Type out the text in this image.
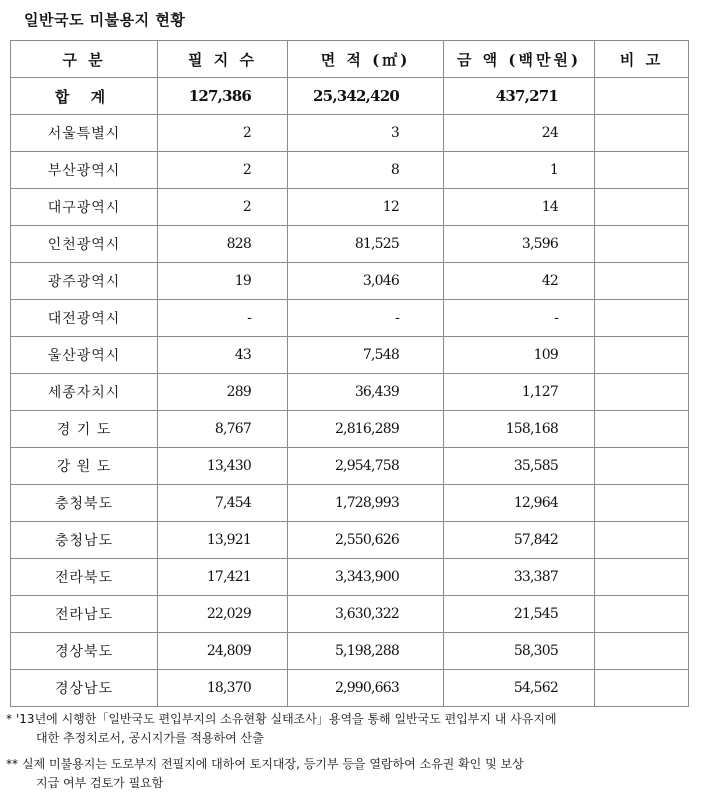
일반국도 미불용지 현황
구 분	필 지 수	면 적 (㎡)	금 액 (백만원)	비 고
합 계	127,386	25,342,420	437,271	
서울특별시	2	3	24	
부산광역시	2	8	1	
대구광역시	2	12	14	
인천광역시	828	81,525	3,596	
광주광역시	19	3,046	42	
대전광역시	-	-	-	
울산광역시	43	7,548	109	
세종자치시	289	36,439	1,127	
경 기 도	8,767	2,816,289	158,168	
강 원 도	13,430	2,954,758	35,585	
충청북도	7,454	1,728,993	12,964	
충청남도	13,921	2,550,626	57,842	
전라북도	17,421	3,343,900	33,387	
전라남도	22,029	3,630,322	21,545	
경상북도	24,809	5,198,288	58,305	
경상남도	18,370	2,990,663	54,562	
* '13년에 시행한「일반국도 편입부지의 소유현황 실태조사」용역을 통해 일반국도 편입부지 내 사유지에
대한 추정치로서, 공시지가를 적용하여 산출
** 실제 미불용지는 도로부지 전필지에 대하여 토지대장, 등기부 등을 열람하여 소유권 확인 및 보상
지급 여부 검토가 필요함
